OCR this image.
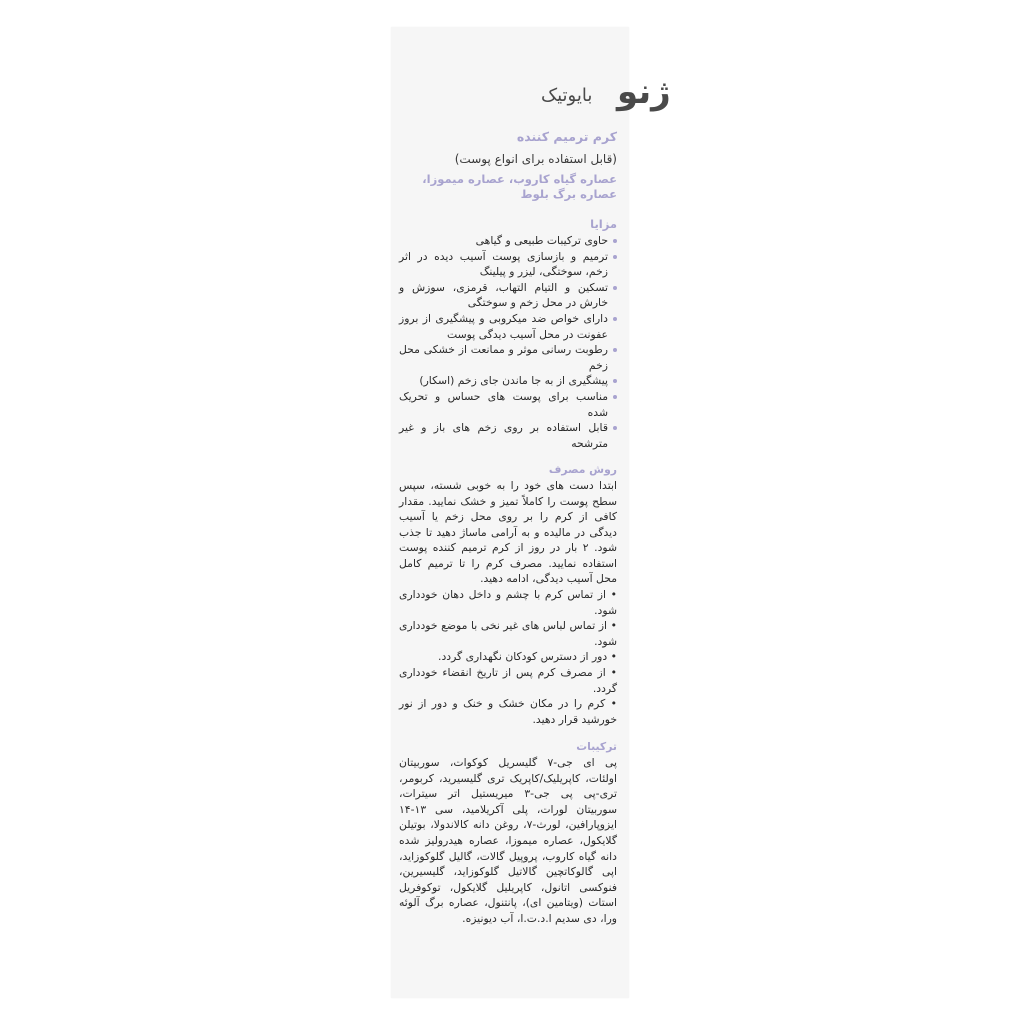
ژنو
بایوتیک

کرم ترمیم کننده

(قابل استفاده برای انواع پوست)

عصاره گیاه کاروب، عصاره میموزا، عصاره برگ بلوط

مزایا

حاوی ترکیبات طبیعی و گیاهی
ترمیم و بازسازی پوست آسیب دیده در اثر زخم، سوختگی، لیزر و پیلینگ
تسکین و التیام التهاب، قرمزی، سوزش و خارش در محل زخم و سوختگی
دارای خواص ضد میکروبی و پیشگیری از بروز عفونت در محل آسیب دیدگی پوست
رطوبت رسانی موثر و ممانعت از خشکی محل زخم
پیشگیری از به جا ماندن جای زخم (اسکار)
مناسب برای پوست های حساس و تحریک شده
قابل استفاده بر روی زخم های باز و غیر مترشحه

روش مصرف

ابتدا دست های خود را به خوبی شسته، سپس سطح پوست را کاملاً تمیز و خشک نمایید. مقدار کافی از کرم را بر روی محل زخم یا آسیب دیدگی در مالیده و به آرامی ماساژ دهید تا جذب شود. ۲ بار در روز از کرم ترمیم کننده پوست استفاده نمایید. مصرف کرم را تا ترمیم کامل محل آسیب دیدگی، ادامه دهید.

• از تماس کرم با چشم و داخل دهان خودداری شود.

• از تماس لباس های غیر نخی با موضع خودداری شود.

• دور از دسترس کودکان نگهداری گردد.

• از مصرف کرم پس از تاریخ انقضاء خودداری گردد.

• کرم را در مکان خشک و خنک و دور از نور خورشید قرار دهید.

ترکیبات

پی ای جی-۷ گلیسریل کوکوات، سوربیتان اولئات، کاپریلیک/کاپریک تری گلیسیرید، کربومر، تری-پی پی جی-۳ میریستیل اتر سیترات، سوربیتان لورات، پلی آکریلامید، سی ۱۳-۱۴ ایزوپارافین، لورث-۷، روغن دانه کالاندولا، بوتیلن گلایکول، عصاره میموزا، عصاره هیدرولیز شده دانه گیاه کاروب، پروپیل گالات، گالیل گلوکوزاید، اپی گالوکاتچین گالاتیل گلوکوزاید، گلیسیرین، فنوکسی اتانول، کاپریلیل گلایکول، توکوفریل استات (ویتامین ای)، پانتنول، عصاره برگ آلوئه ورا، دی سدیم ا.د.ت.ا، آب دیونیزه.
